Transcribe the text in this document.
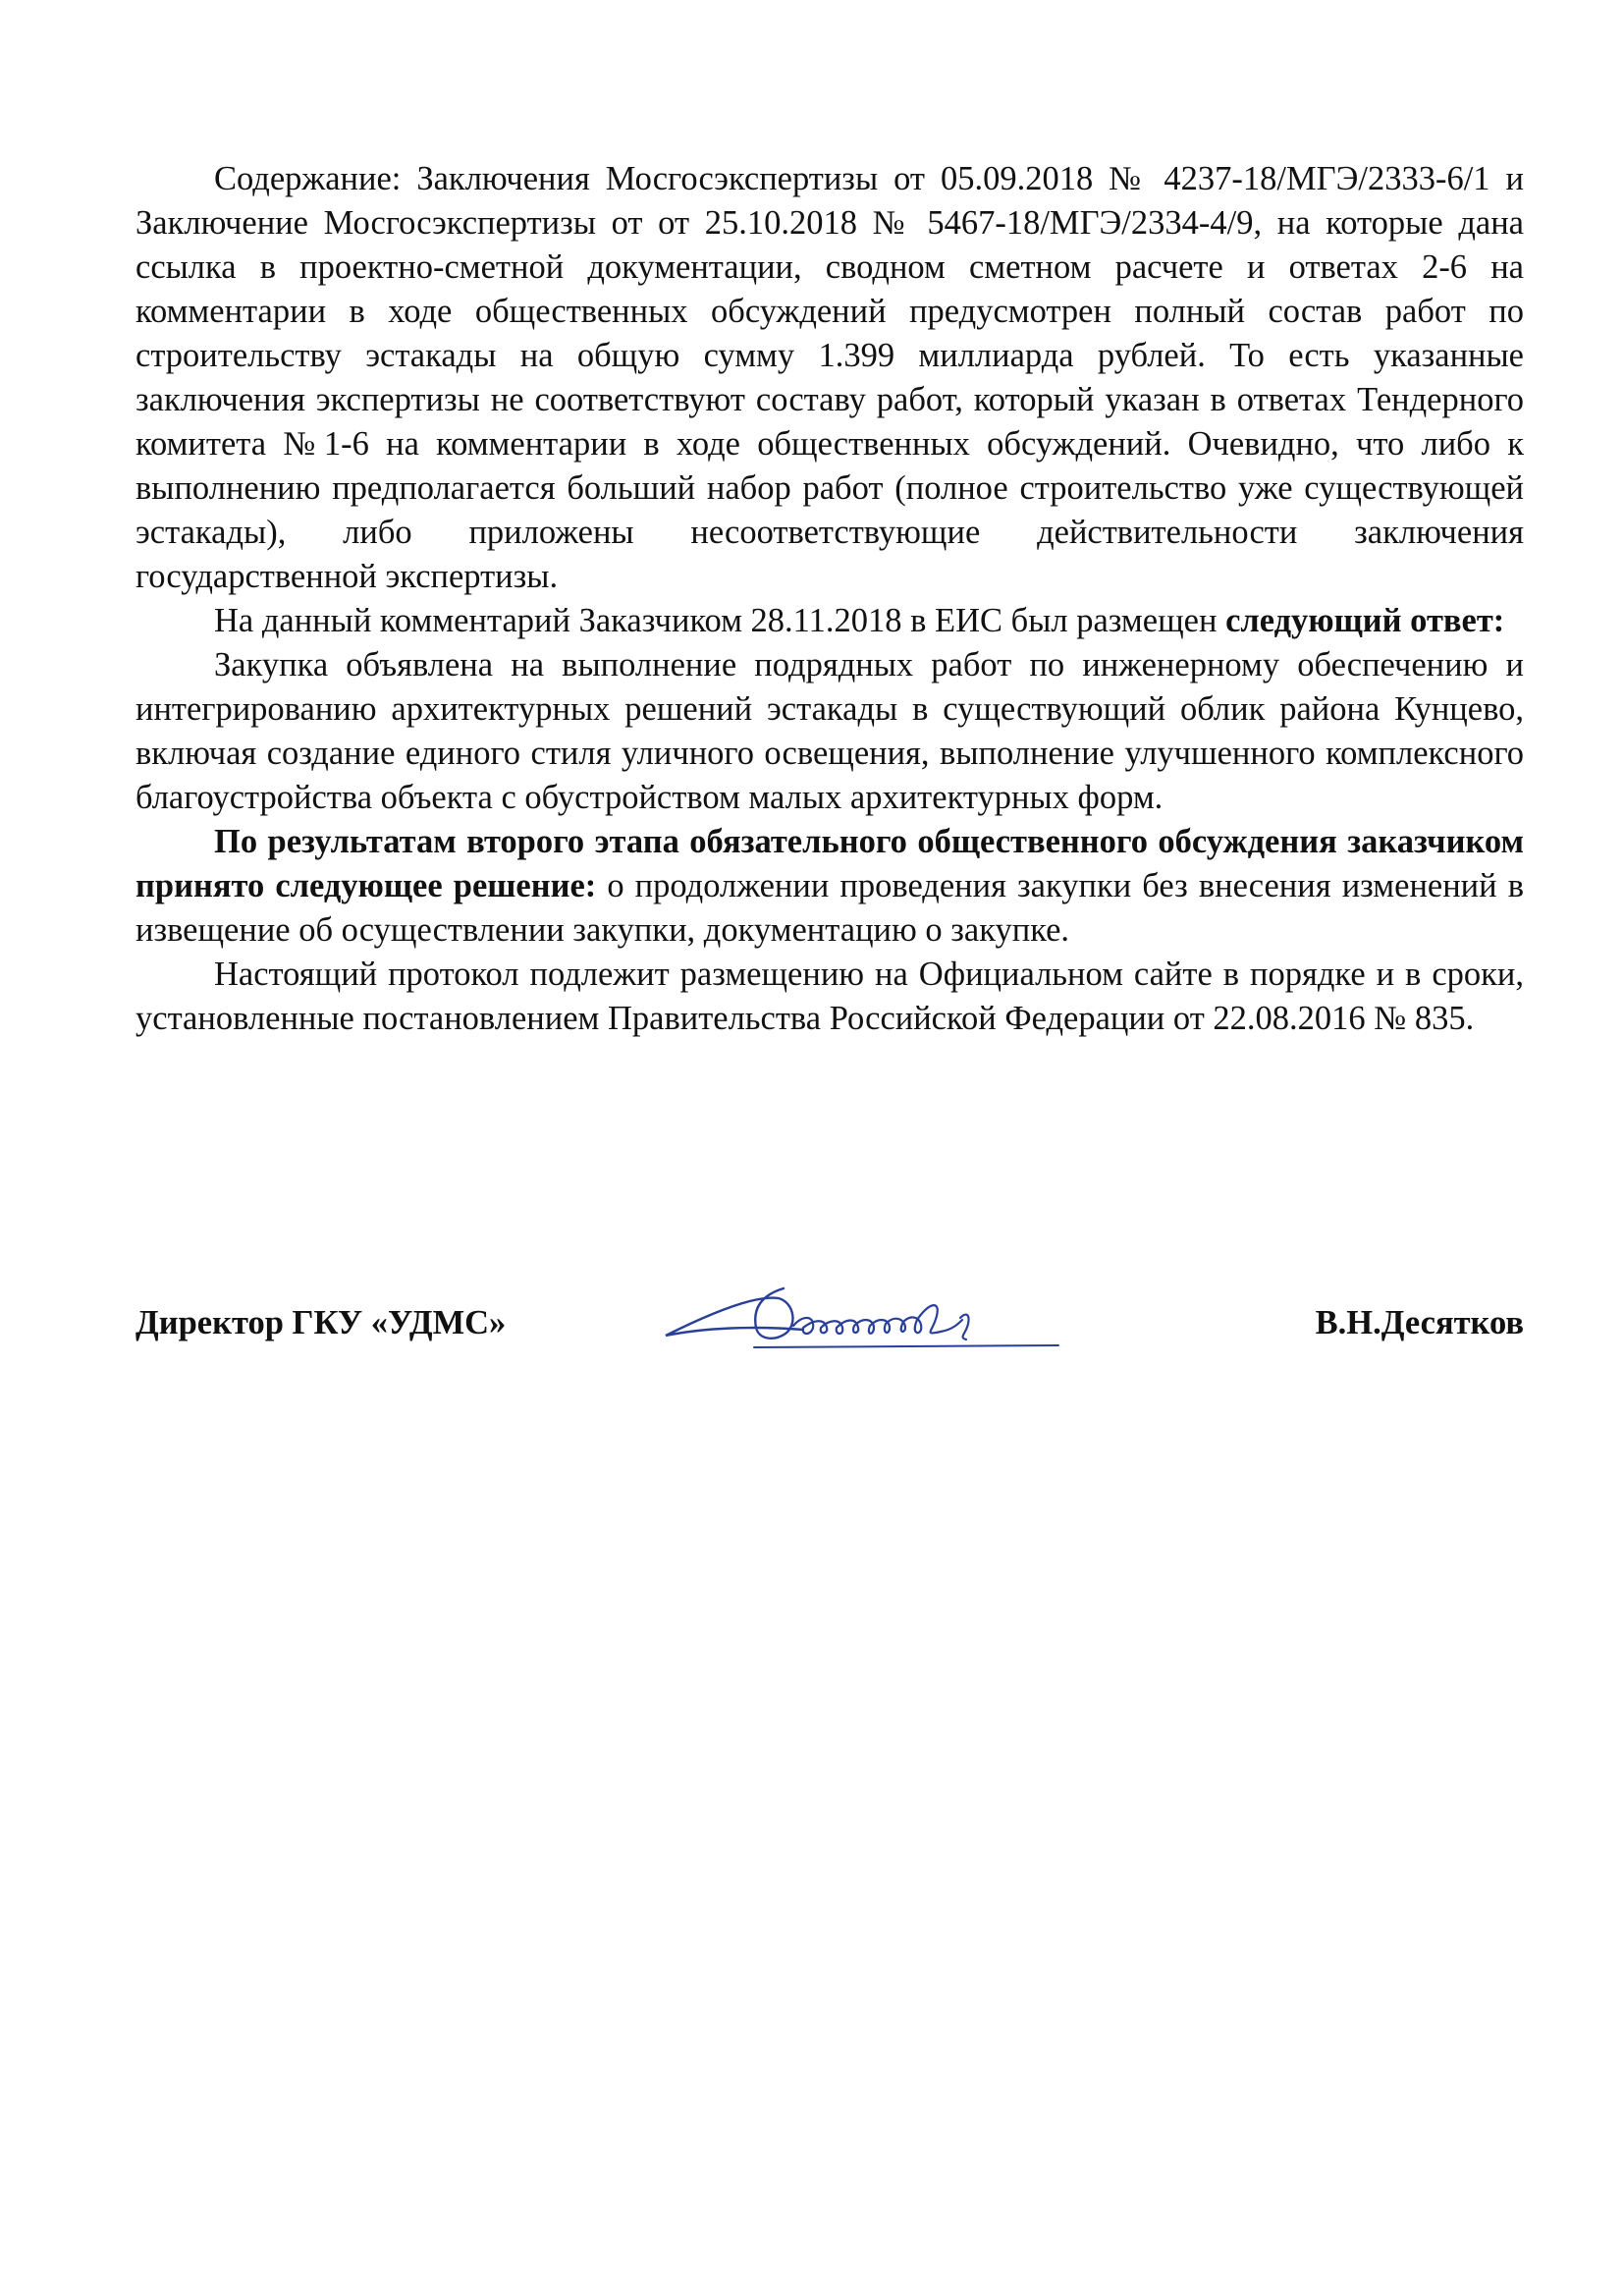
Содержание: Заключения Мосгосэкспертизы от 05.09.2018 № 4237-18/МГЭ/2333-6/1 и Заключение Мосгосэкспертизы от от 25.10.2018 № 5467-18/МГЭ/2334-4/9, на которые дана ссылка в проектно-сметной документации, сводном сметном расчете и ответах 2-6 на комментарии в ходе общественных обсуждений предусмотрен полный состав работ по строительству эстакады на общую сумму 1.399 миллиарда рублей. То есть указанные заключения экспертизы не соответствуют составу работ, который указан в ответах Тендерного комитета №1-6 на комментарии в ходе общественных обсуждений. Очевидно, что либо к выполнению предполагается больший набор работ (полное строительство уже существующей эстакады), либо приложены несоответствующие действительности заключения государственной экспертизы.

На данный комментарий Заказчиком 28.11.2018 в ЕИС был размещен следующий ответ:

Закупка объявлена на выполнение подрядных работ по инженерному обеспечению и интегрированию архитектурных решений эстакады в существующий облик района Кунцево, включая создание единого стиля уличного освещения, выполнение улучшенного комплексного благоустройства объекта с обустройством малых архитектурных форм.

По результатам второго этапа обязательного общественного обсуждения заказчиком принято следующее решение: о продолжении проведения закупки без внесения изменений в извещение об осуществлении закупки, документацию о закупке.

Настоящий протокол подлежит размещению на Официальном сайте в порядке и в сроки, установленные постановлением Правительства Российской Федерации от 22.08.2016 № 835.

Директор ГКУ «УДМС»	В.Н.Десятков
